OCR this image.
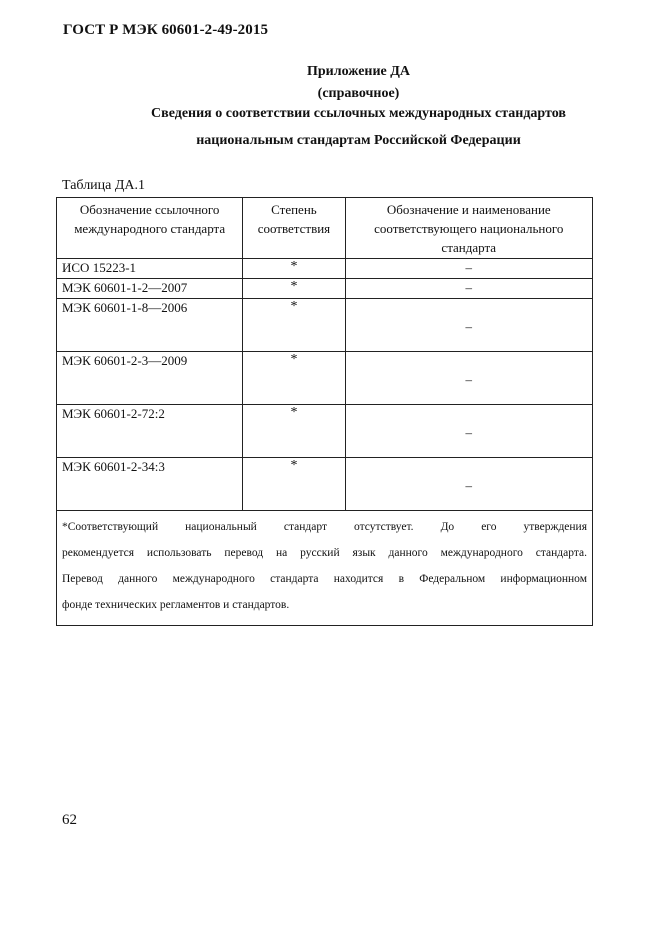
ГОСТ Р МЭК 60601-2-49-2015
Приложение ДА
(справочное)
Сведения о соответствии ссылочных международных стандартов
национальным стандартам Российской Федерации
Таблица ДА.1
Обозначение ссылочного международного стандарта	Степень соответствия	Обозначение и наименование соответствующего национального стандарта
ИСО 15223-1	*	–
МЭК 60601-1-2—2007	*	–
МЭК 60601-1-8—2006	*	–
МЭК 60601-2-3—2009	*	–
МЭК 60601-2-72:2	*	–
МЭК 60601-2-34:3	*	–

*Соответствующий национальный стандарт отсутствует. До его утверждения
рекомендуется использовать перевод на русский язык данного международного стандарта.
Перевод данного международного стандарта находится в Федеральном информационном
фонде технических регламентов и стандартов.		
62
